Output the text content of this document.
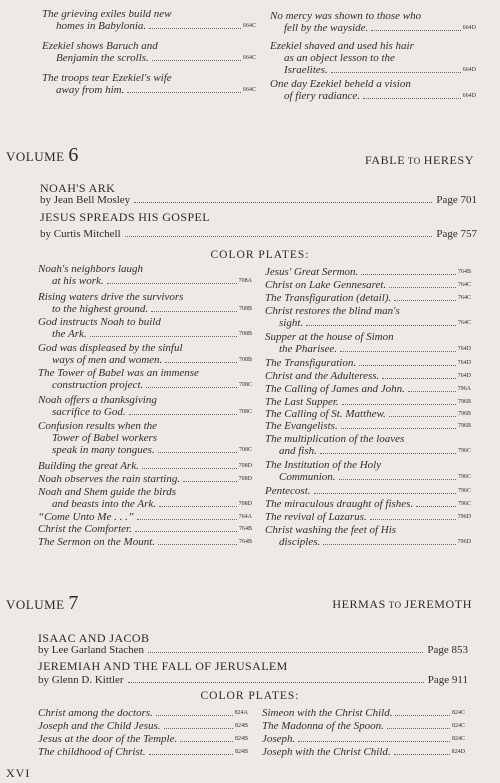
VOLUME 6	FABLE TO HERESY
NOAH'S ARK
by Jean Bell Mosley	Page 701
JESUS SPREADS HIS GOSPEL
by Curtis Mitchell	Page 757
COLOR PLATES:
VOLUME 7	HERMAS TO JEREMOTH
ISAAC AND JACOB
by Lee Garland Stachen	Page 853
JEREMIAH AND THE FALL OF JERUSALEM
by Glenn D. Kittler	Page 911
COLOR PLATES:
XVI
The grieving exiles build new
homes in Babylonia.	664C
Ezekiel shows Baruch and
Benjamin the scrolls.	664C
The troops tear Ezekiel's wife
away from him.	664C
No mercy was shown to those who
fell by the wayside.	664D
Ezekiel shaved and used his hair
as an object lesson to the
Israelites.	664D
One day Ezekiel beheld a vision
of fiery radiance.	664D
Noah's neighbors laugh
at his work.	708A
Rising waters drive the survivors
to the highest ground.	708B
God instructs Noah to build
the Ark.	708B
God was displeased by the sinful
ways of men and women.	708B
The Tower of Babel was an immense
construction project.	708C
Noah offers a thanksgiving
sacrifice to God.	708C
Confusion results when the
Tower of Babel workers
speak in many tongues.	708C
Building the great Ark.	708D
Noah observes the rain starting.	708D
Noah and Shem guide the birds
and beasts into the Ark.	708D
“Come Unto Me . . .”	764A
Christ the Comforter.	764B
The Sermon on the Mount.	764B
Jesus' Great Sermon.	764B
Christ on Lake Gennesaret.	764C
The Transfiguration (detail).	764C
Christ restores the blind man's
sight.	764C
Supper at the house of Simon
the Pharisee.	764D
The Transfiguration.	764D
Christ and the Adulteress.	764D
The Calling of James and John.	796A
The Last Supper.	796B
The Calling of St. Matthew.	796B
The Evangelists.	796B
The multiplication of the loaves
and fish.	796C
The Institution of the Holy
Communion.	796C
Pentecost.	796C
The miraculous draught of fishes.	796C
The revival of Lazarus.	796D
Christ washing the feet of His
disciples.	796D
Christ among the doctors.	824A
Joseph and the Child Jesus.	824B
Jesus at the door of the Temple.	824B
The childhood of Christ.	824B
Simeon with the Christ Child.	824C
The Madonna of the Spoon.	824C
Joseph.	824C
Joseph with the Christ Child.	824D
